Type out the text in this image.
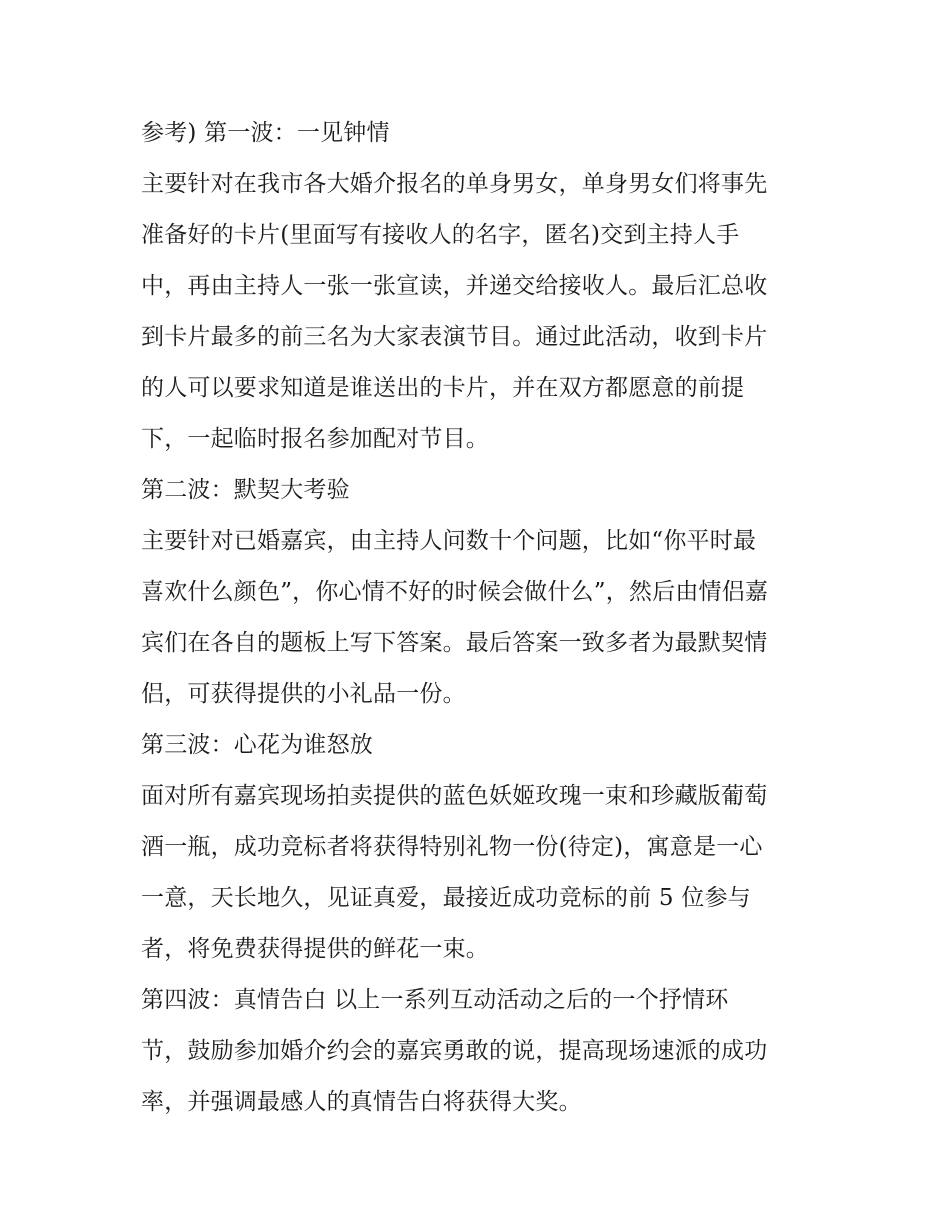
参考) 第一波：一见钟情
主要针对在我市各大婚介报名的单身男女，单身男女们将事先
准备好的卡片(里面写有接收人的名字，匿名)交到主持人手
中，再由主持人一张一张宣读，并递交给接收人。最后汇总收
到卡片最多的前三名为大家表演节目。通过此活动，收到卡片
的人可以要求知道是谁送出的卡片，并在双方都愿意的前提
下，一起临时报名参加配对节目。
第二波：默契大考验
主要针对已婚嘉宾，由主持人问数十个问题，比如“你平时最
喜欢什么颜色”，你心情不好的时候会做什么”，然后由情侣嘉
宾们在各自的题板上写下答案。最后答案一致多者为最默契情
侣，可获得提供的小礼品一份。
第三波：心花为谁怒放
面对所有嘉宾现场拍卖提供的蓝色妖姬玫瑰一束和珍藏版葡萄
酒一瓶，成功竞标者将获得特别礼物一份(待定)，寓意是一心
一意，天长地久，见证真爱，最接近成功竞标的前 5 位参与
者，将免费获得提供的鲜花一束。
第四波：真情告白 以上一系列互动活动之后的一个抒情环
节，鼓励参加婚介约会的嘉宾勇敢的说，提高现场速派的成功
率，并强调最感人的真情告白将获得大奖。
